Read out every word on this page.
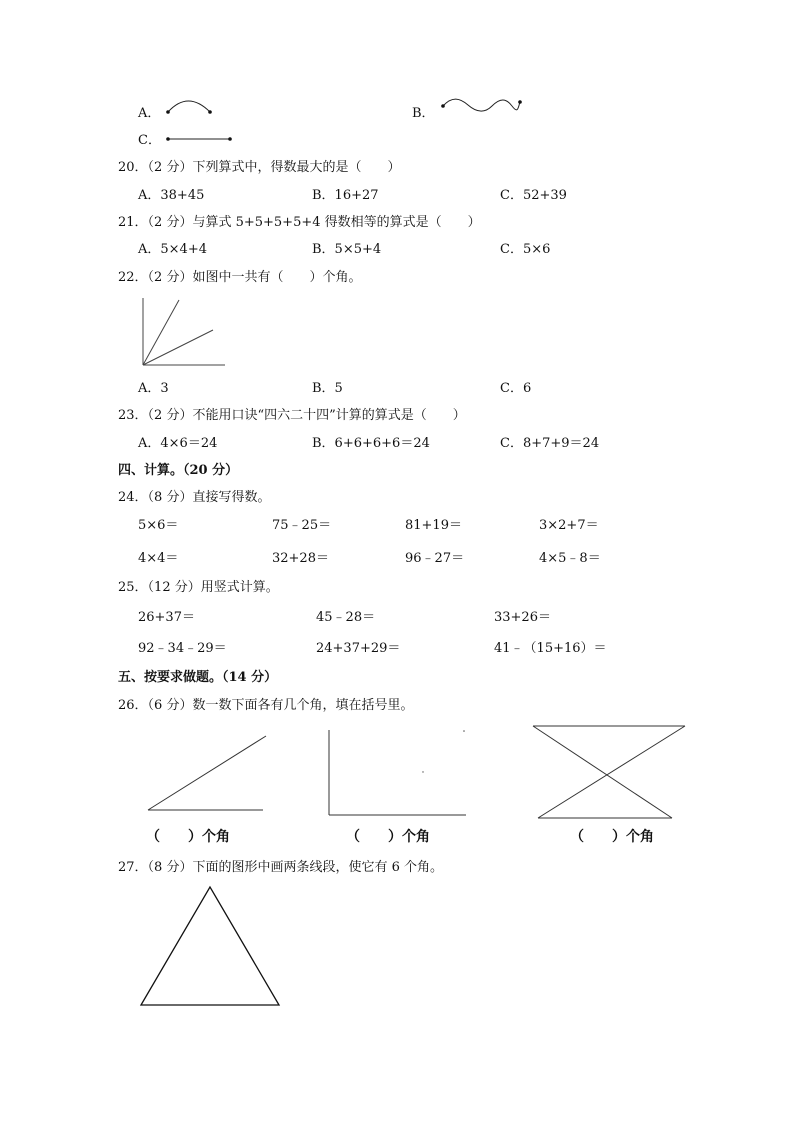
A．	B．
C．
20．（2 分）下列算式中，得数最大的是（　　）
A．38+45	B．16+27	C．52+39
21．（2 分）与算式 5+5+5+5+4 得数相等的算式是（　　）
A．5×4+4	B．5×5+4	C．5×6
22．（2 分）如图中一共有（　　）个角。
A．3	B．5	C．6
23．（2 分）不能用口诀“四六二十四”计算的算式是（　　）
A．4×6＝24	B．6+6+6+6＝24	C．8+7+9＝24
四、计算。（20 分）
24．（8 分）直接写得数。
5×6＝	75﹣25＝	81+19＝	3×2+7＝
4×4＝	32+28＝	96﹣27＝	4×5﹣8＝
25．（12 分）用竖式计算。
26+37＝	45﹣28＝	33+26＝
92﹣34﹣29＝	24+37+29＝	41﹣（15+16）＝
五、按要求做题。（14 分）
26．（6 分）数一数下面各有几个角，填在括号里。
（　　）个角	（　　）个角	（　　）个角
27．（8 分）下面的图形中画两条线段，使它有 6 个角。
